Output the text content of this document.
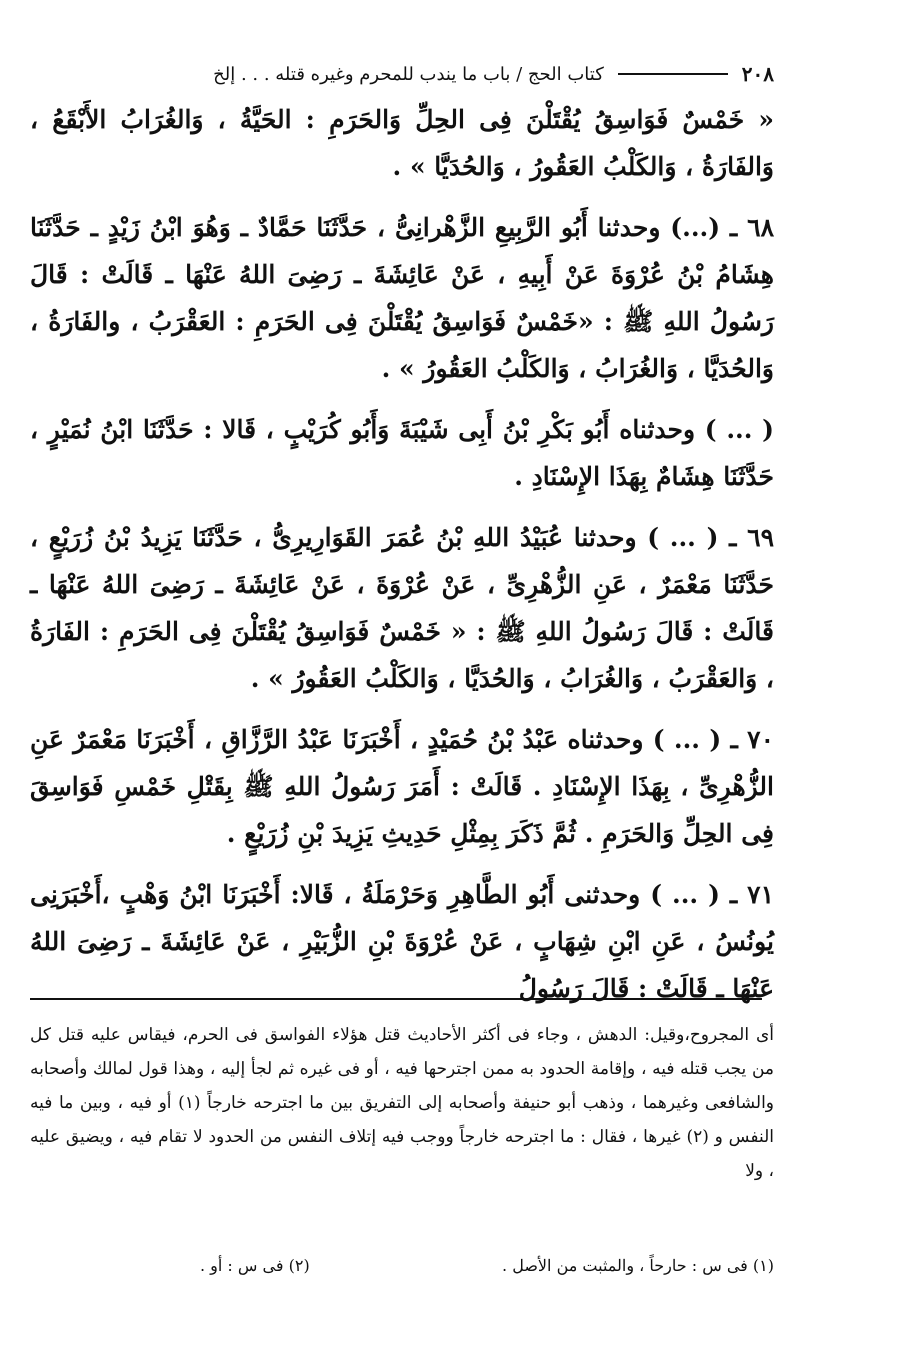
٢٠٨
كتاب الحج / باب ما يندب للمحرم وغيره قتله . . . إلخ

« خَمْسٌ فَوَاسِقُ يُقْتَلْنَ فِى الحِلِّ وَالحَرَمِ : الحَيَّةُ ، وَالغُرَابُ الأَبْقَعُ ، وَالفَارَةُ ، وَالكَلْبُ العَقُورُ ، وَالحُدَيَّا » .

٦٨ ـ (...) وحدثنا أَبُو الرَّبِيعِ الزَّهْرانِىُّ ، حَدَّثَنَا حَمَّادٌ ـ وَهُوَ ابْنُ زَيْدٍ ـ حَدَّثَنَا هِشَامُ بْنُ عُرْوَةَ عَنْ أَبِيهِ ، عَنْ عَائِشَةَ ـ رَضِىَ اللهُ عَنْهَا ـ قَالَتْ : قَالَ رَسُولُ اللهِ ﷺ : «خَمْسٌ فَوَاسِقُ يُقْتَلْنَ فِى الحَرَمِ : العَقْرَبُ ، والفَارَةُ ، وَالحُدَيَّا ، وَالغُرَابُ ، وَالكَلْبُ العَقُورُ » .

( ... ) وحدثناه أَبُو بَكْرِ بْنُ أَبِى شَيْبَةَ وَأَبُو كُرَيْبٍ ، قَالا : حَدَّثَنَا ابْنُ نُمَيْرٍ ، حَدَّثَنَا هِشَامٌ بِهَذَا الإِسْنَادِ .

٦٩ ـ ( ... ) وحدثنا عُبَيْدُ اللهِ بْنُ عُمَرَ القَوَارِيرِىُّ ، حَدَّثَنَا يَزِيدُ بْنُ زُرَيْعٍ ، حَدَّثَنَا مَعْمَرٌ ، عَنِ الزُّهْرِىِّ ، عَنْ عُرْوَةَ ، عَنْ عَائِشَةَ ـ رَضِىَ اللهُ عَنْهَا ـ قَالَتْ : قَالَ رَسُولُ اللهِ ﷺ : « خَمْسٌ فَوَاسِقُ يُقْتَلْنَ فِى الحَرَمِ : الفَارَةُ ، وَالعَقْرَبُ ، وَالغُرَابُ ، وَالحُدَيَّا ، وَالكَلْبُ العَقُورُ » .

٧٠ ـ ( ... ) وحدثناه عَبْدُ بْنُ حُمَيْدٍ ، أَخْبَرَنَا عَبْدُ الرَّزَّاقِ ، أَخْبَرَنَا مَعْمَرٌ عَنِ الزُّهْرِىِّ ، بِهَذَا الإِسْنَادِ . قَالَتْ : أَمَرَ رَسُولُ اللهِ ﷺ بِقَتْلِ خَمْسِ فَوَاسِقَ فِى الحِلِّ وَالحَرَمِ . ثُمَّ ذَكَرَ بِمِثْلِ حَدِيثِ يَزِيدَ بْنِ زُرَيْعٍ .

٧١ ـ ( ... ) وحدثنى أَبُو الطَّاهِرِ وَحَرْمَلَةُ ، قَالا: أَخْبَرَنَا ابْنُ وَهْبٍ ،أَخْبَرَنِى يُونُسُ ، عَنِ ابْنِ شِهَابٍ ، عَنْ عُرْوَةَ بْنِ الزُّبَيْرِ ، عَنْ عَائِشَةَ ـ رَضِىَ اللهُ عَنْهَا ـ قَالَتْ : قَالَ رَسُولُ

أى المجروح،وقيل: الدهش ، وجاء فى أكثر الأحاديث قتل هؤلاء الفواسق فى الحرم، فيقاس عليه قتل كل من يجب قتله فيه ، وإقامة الحدود به ممن اجترحها فيه ، أو فى غيره ثم لجأ إليه ، وهذا قول لمالك وأصحابه والشافعى وغيرهما ، وذهب أبو حنيفة وأصحابه إلى التفريق بين ما اجترحه خارجاً (١) أو فيه ، وبين ما فيه النفس و (٢) غيرها ، فقال : ما اجترحه خارجاً ووجب فيه إتلاف النفس من الحدود لا تقام فيه ، ويضيق عليه ، ولا

(١) فى س : حارحاً ، والمثبت من الأصل .
(٢) فى س : أو .
